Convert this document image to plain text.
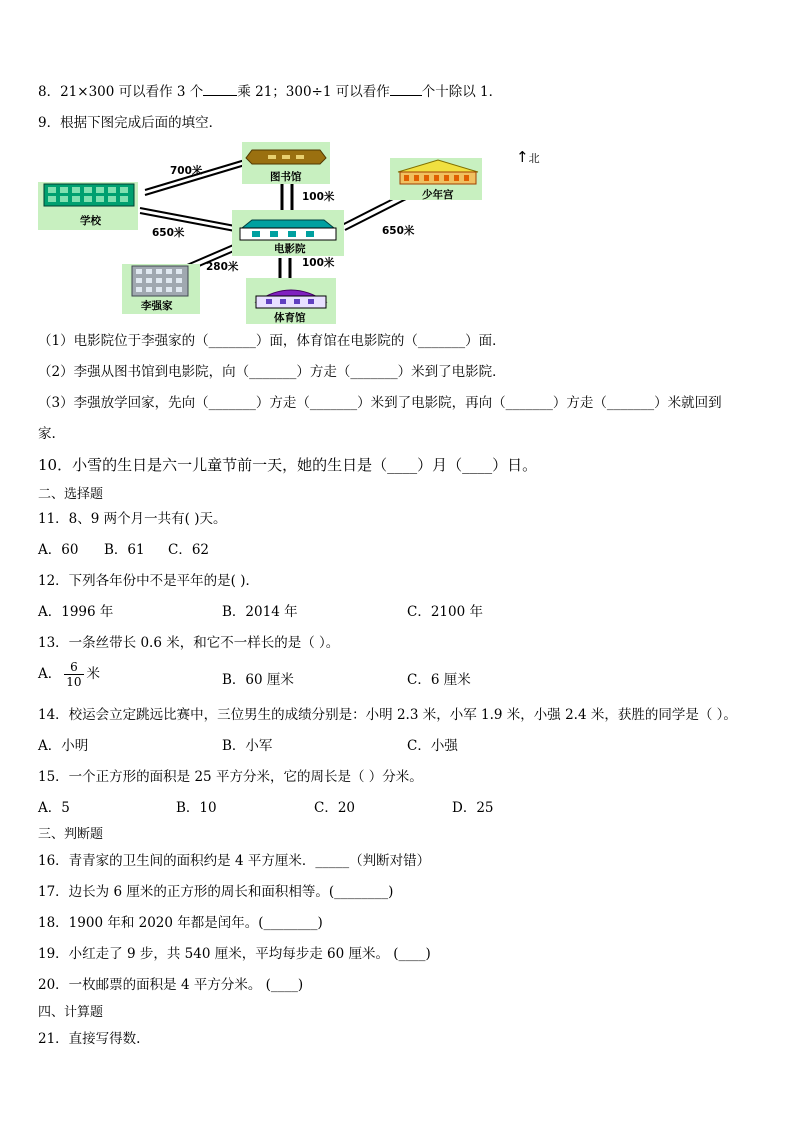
8．21×300 可以看作 3 个	乘 21；300÷1 可以看作 个十除以 1．
9．根据下图完成后面的填空．
学校
图书馆
少年宫
电影院
李强家
体育馆
700米
100米
650米	650米
280米	100米
↑北
（1）电影院位于李强家的（_______）面，体育馆在电影院的（_______）面．
（2）李强从图书馆到电影院，向（_______）方走（_______）米到了电影院．
（3）李强放学回家，先向（_______）方走（_______）米到了电影院，再向（_______）方走（_______）米就回到
家.
10．小雪的生日是六一儿童节前一天，她的生日是（____）月（____）日。
二、选择题
11．8、9 两个月一共有( )天。
A．60 B．61 C．62
12．下列各年份中不是平年的是( )．
A．1996 年	B．2014 年	C．2100 年
13．一条丝带长 0.6 米，和它不一样长的是（ ）。
A． $\frac{6}{10}$ 米	B．60 厘米	C．6 厘米
14．校运会立定跳远比赛中，三位男生的成绩分别是：小明 2.3 米，小军 1.9 米，小强 2.4 米，获胜的同学是（ ）。
A．小明	B．小军	C．小强
15．一个正方形的面积是 25 平方分米，它的周长是（ ）分米。
A．5	B．10	C．20	D．25
三、判断题
16．青青家的卫生间的面积约是 4 平方厘米．_____（判断对错）
17．边长为 6 厘米的正方形的周长和面积相等。(________)
18．1900 年和 2020 年都是闰年。(________)
19．小红走了 9 步，共 540 厘米，平均每步走 60 厘米。 (____)
20．一枚邮票的面积是 4 平方分米。 (____)
四、计算题
21．直接写得数.
